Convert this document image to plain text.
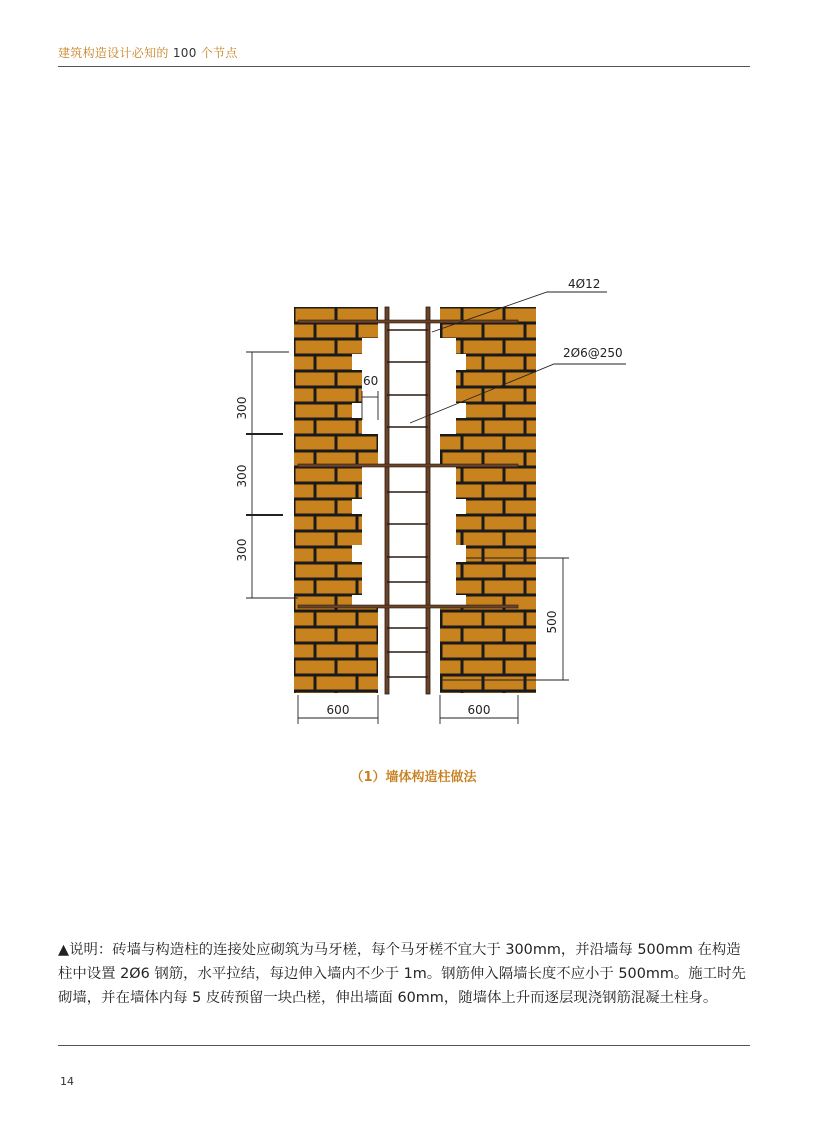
建筑构造设计必知的 100 个节点
4Ø12
2Ø6@250
60
300
300
300
500
600	600
（1）墙体构造柱做法
▲说明：砖墙与构造柱的连接处应砌筑为马牙槎，每个马牙槎不宜大于 300mm，并沿墙每 500mm 在构造柱中设置 2Ø6 钢筋，水平拉结，每边伸入墙内不少于 1m。钢筋伸入隔墙长度不应小于 500mm。施工时先砌墙，并在墙体内每 5 皮砖预留一块凸槎，伸出墙面 60mm，随墙体上升而逐层现浇钢筋混凝土柱身。
14
